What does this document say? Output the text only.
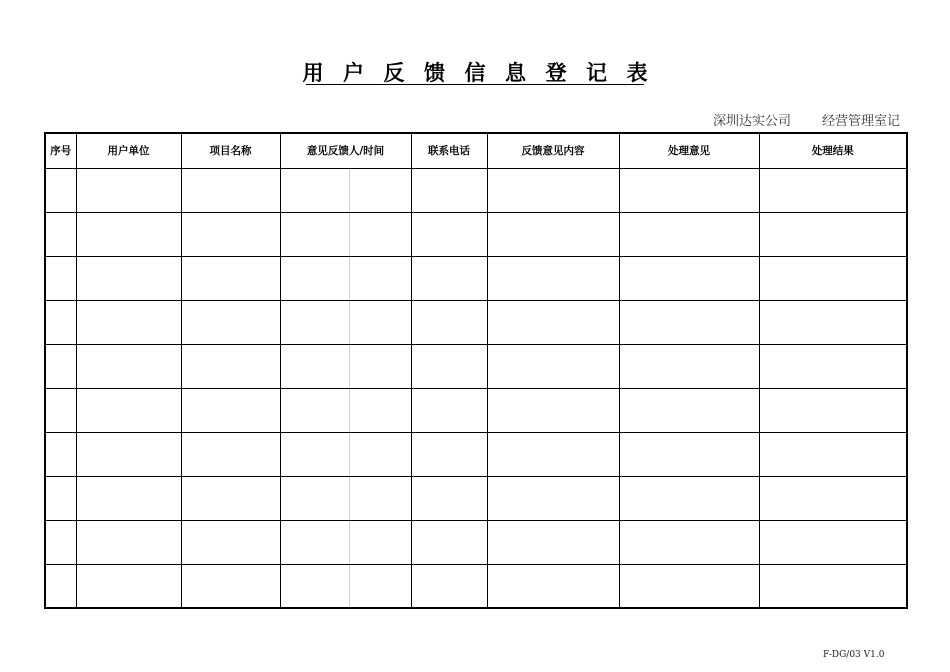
用户反馈信息登记表
深圳达实公司 经营管理室记
序号	用户单位	项目名称	意见反馈人/时间		联系电话	反馈意见内容	处理意见	处理结果

F-DG/03 V1.0
